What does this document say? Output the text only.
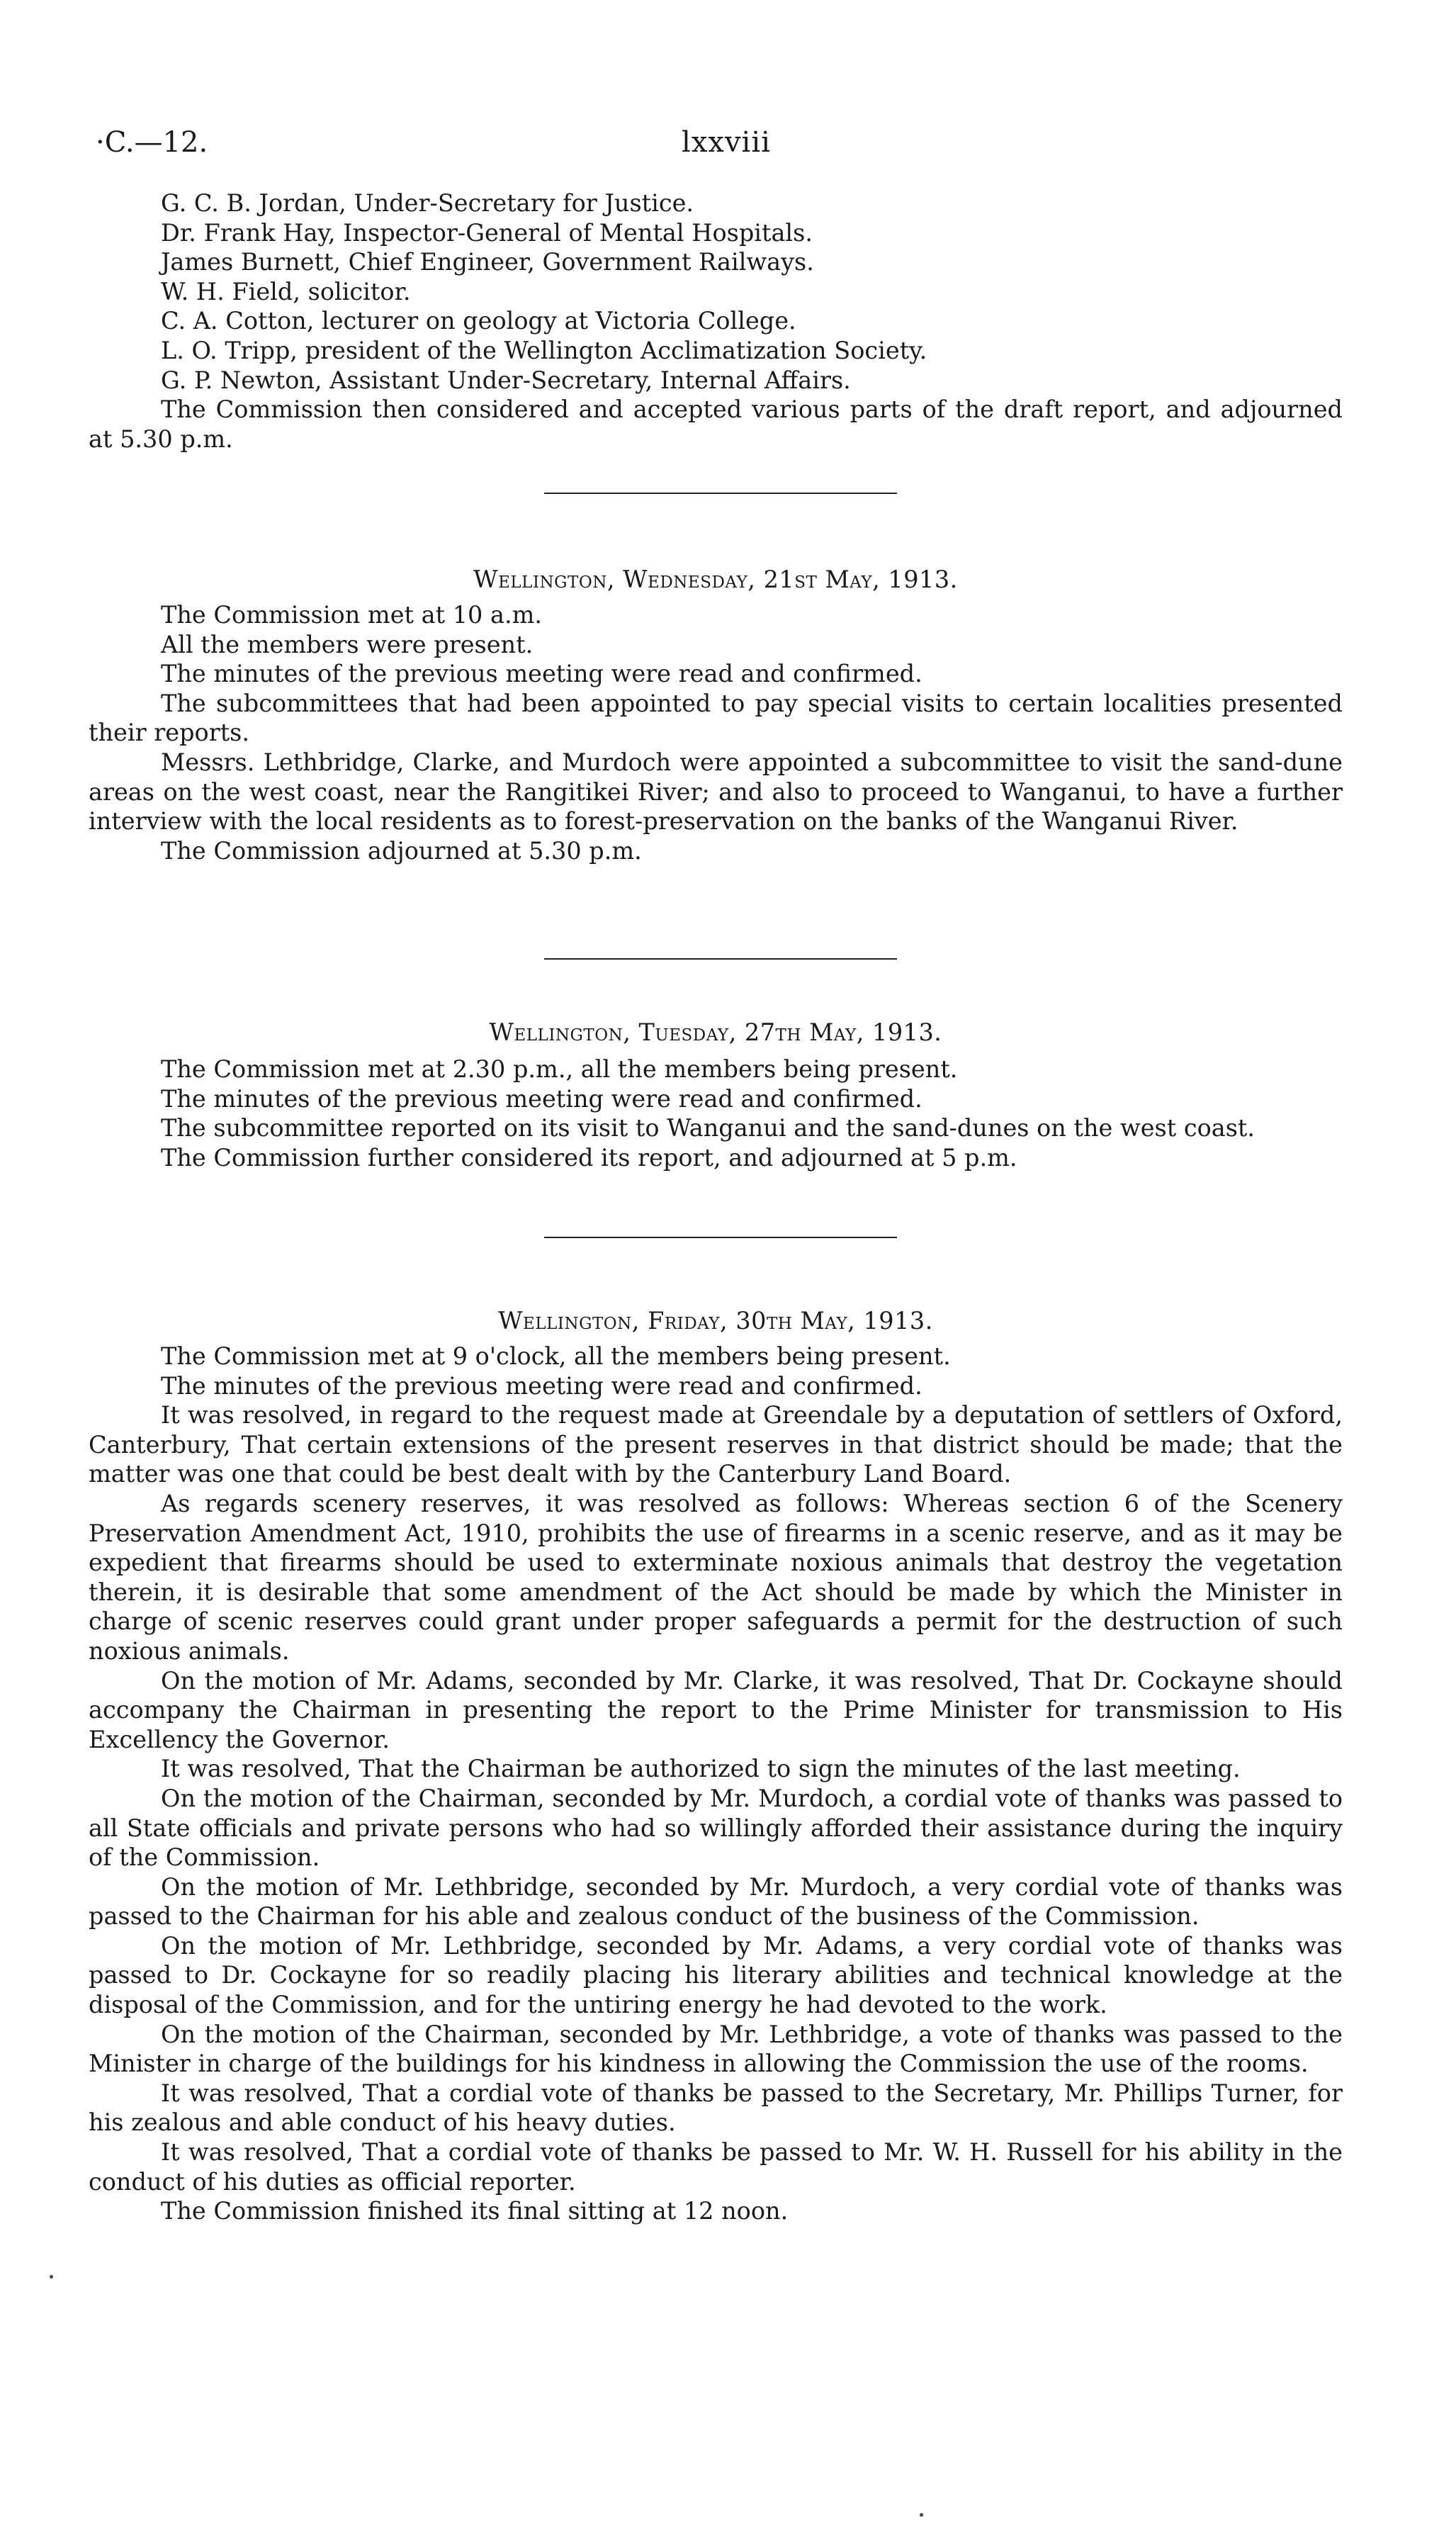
·C.—12.	lxxviii

G. C. B. Jordan, Under-Secretary for Justice.

Dr. Frank Hay, Inspector-General of Mental Hospitals.

James Burnett, Chief Engineer, Government Railways.

W. H. Field, solicitor.

C. A. Cotton, lecturer on geology at Victoria College.

L. O. Tripp, president of the Wellington Acclimatization Society.

G. P. Newton, Assistant Under-Secretary, Internal Affairs.

The Commission then considered and accepted various parts of the draft report, and adjourned at 5.30 p.m.

Wellington, Wednesday, 21st May, 1913.

The Commission met at 10 a.m.

All the members were present.

The minutes of the previous meeting were read and confirmed.

The subcommittees that had been appointed to pay special visits to certain localities presented their reports.

Messrs. Lethbridge, Clarke, and Murdoch were appointed a subcommittee to visit the sand-dune areas on the west coast, near the Rangitikei River; and also to proceed to Wanganui, to have a further interview with the local residents as to forest-preservation on the banks of the Wanganui River.

The Commission adjourned at 5.30 p.m.

Wellington, Tuesday, 27th May, 1913.

The Commission met at 2.30 p.m., all the members being present.

The minutes of the previous meeting were read and confirmed.

The subcommittee reported on its visit to Wanganui and the sand-dunes on the west coast.

The Commission further considered its report, and adjourned at 5 p.m.

Wellington, Friday, 30th May, 1913.

The Commission met at 9 o'clock, all the members being present.

The minutes of the previous meeting were read and confirmed.

It was resolved, in regard to the request made at Greendale by a deputation of settlers of Oxford, Canterbury, That certain extensions of the present reserves in that district should be made; that the matter was one that could be best dealt with by the Canterbury Land Board.

As regards scenery reserves, it was resolved as follows: Whereas section 6 of the Scenery Preservation Amendment Act, 1910, prohibits the use of firearms in a scenic reserve, and as it may be expedient that firearms should be used to exterminate noxious animals that destroy the vegetation therein, it is desirable that some amendment of the Act should be made by which the Minister in charge of scenic reserves could grant under proper safeguards a permit for the destruction of such noxious animals.

On the motion of Mr. Adams, seconded by Mr. Clarke, it was resolved, That Dr. Cockayne should accompany the Chairman in presenting the report to the Prime Minister for transmission to His Excellency the Governor.

It was resolved, That the Chairman be authorized to sign the minutes of the last meeting.

On the motion of the Chairman, seconded by Mr. Murdoch, a cordial vote of thanks was passed to all State officials and private persons who had so willingly afforded their assistance during the inquiry of the Commission.

On the motion of Mr. Lethbridge, seconded by Mr. Murdoch, a very cordial vote of thanks was passed to the Chairman for his able and zealous conduct of the business of the Commission.

On the motion of Mr. Lethbridge, seconded by Mr. Adams, a very cordial vote of thanks was passed to Dr. Cockayne for so readily placing his literary abilities and technical knowledge at the disposal of the Commission, and for the untiring energy he had devoted to the work.

On the motion of the Chairman, seconded by Mr. Lethbridge, a vote of thanks was passed to the Minister in charge of the buildings for his kindness in allowing the Commission the use of the rooms.

It was resolved, That a cordial vote of thanks be passed to the Secretary, Mr. Phillips Turner, for his zealous and able conduct of his heavy duties.

It was resolved, That a cordial vote of thanks be passed to Mr. W. H. Russell for his ability in the conduct of his duties as official reporter.

The Commission finished its final sitting at 12 noon.
